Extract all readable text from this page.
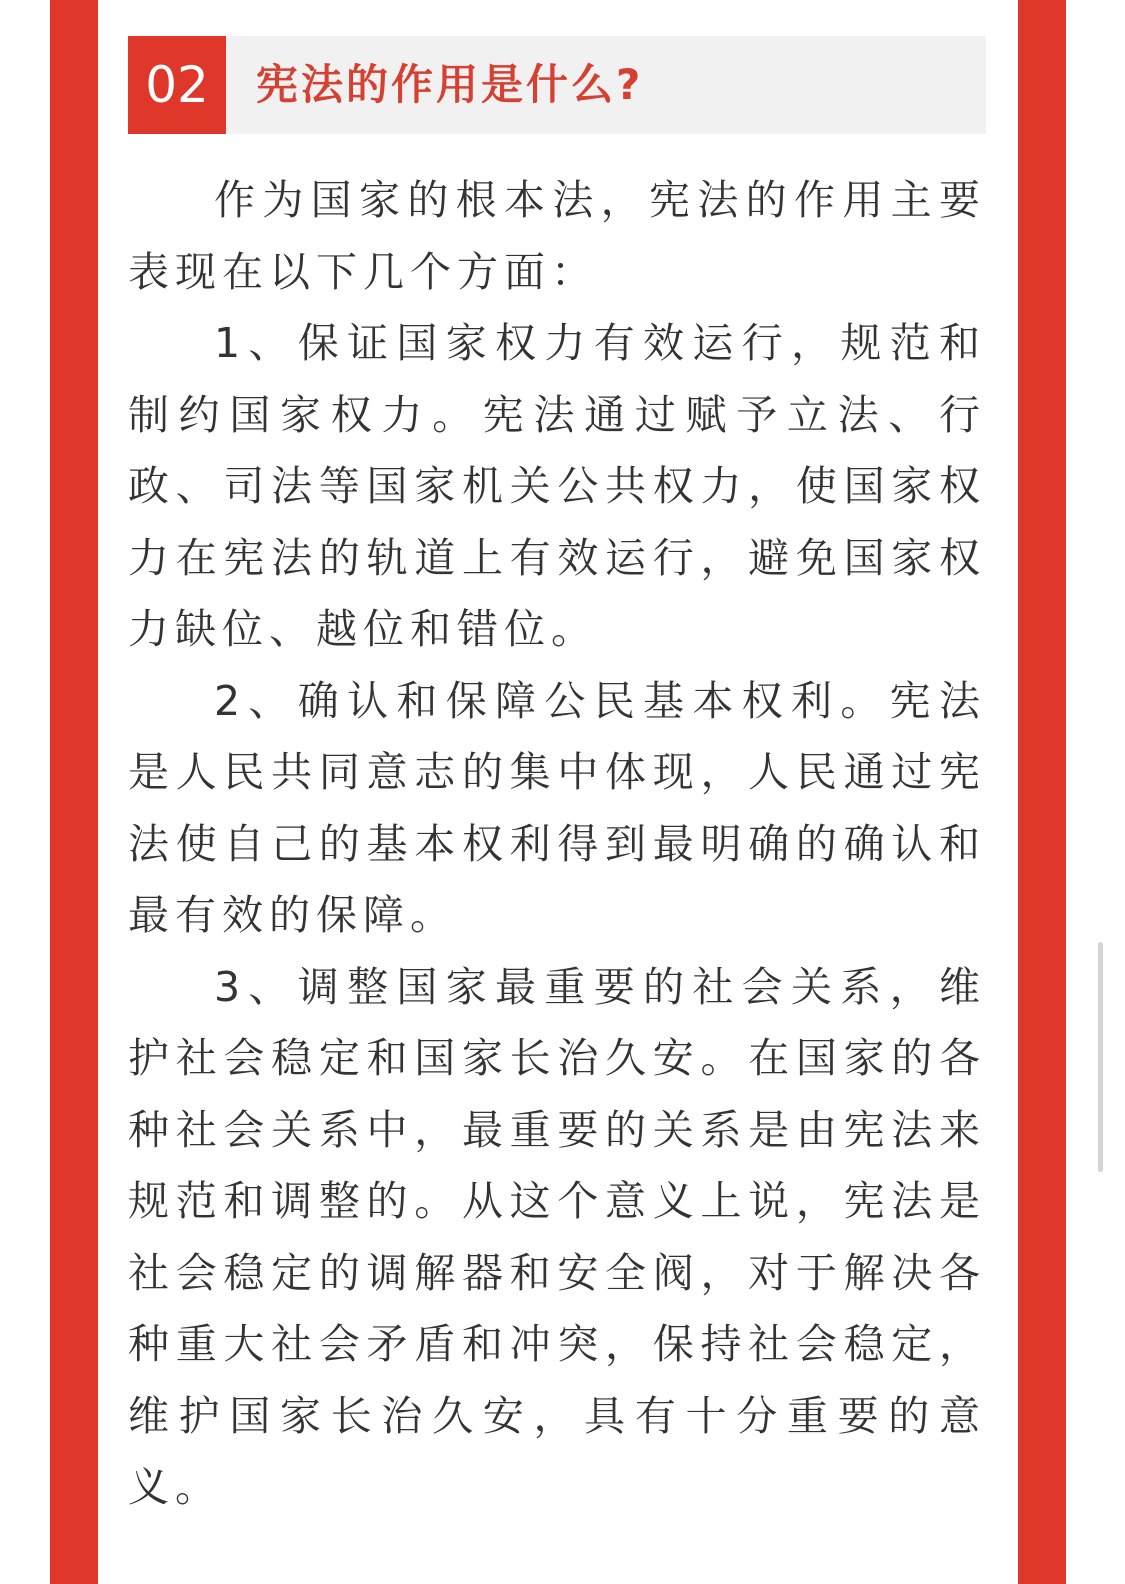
02	宪法的作用是什么?

作为国家的根本法，宪法的作用主要表现在以下几个方面：

1、保证国家权力有效运行，规范和制约国家权力。宪法通过赋予立法、行政、司法等国家机关公共权力，使国家权力在宪法的轨道上有效运行，避免国家权力缺位、越位和错位。

2、确认和保障公民基本权利。宪法是人民共同意志的集中体现，人民通过宪法使自己的基本权利得到最明确的确认和最有效的保障。

3、调整国家最重要的社会关系，维护社会稳定和国家长治久安。在国家的各种社会关系中，最重要的关系是由宪法来规范和调整的。从这个意义上说，宪法是社会稳定的调解器和安全阀，对于解决各种重大社会矛盾和冲突，保持社会稳定，维护国家长治久安，具有十分重要的意义。
